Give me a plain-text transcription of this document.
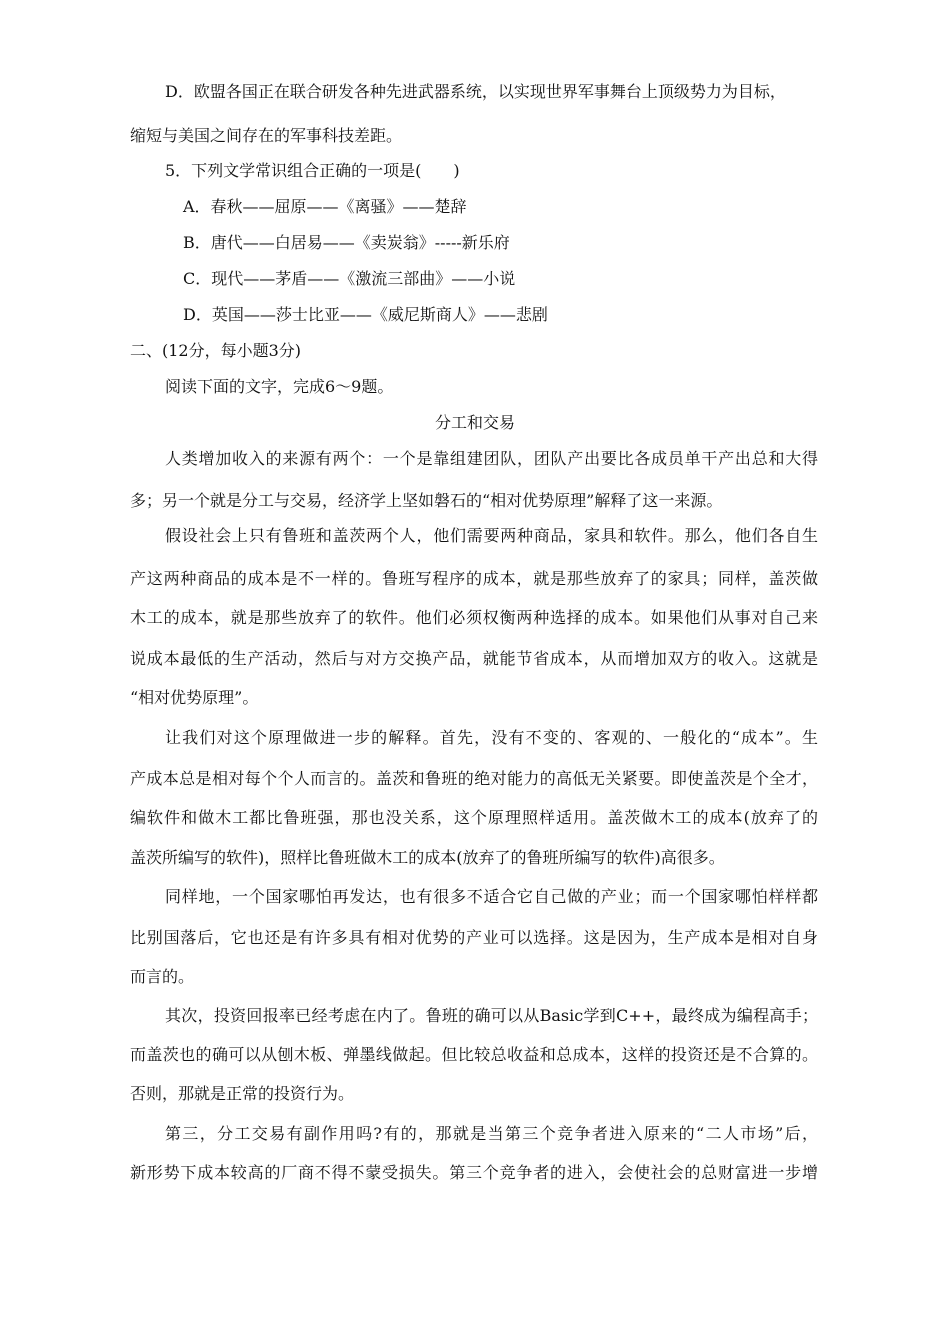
D．欧盟各国正在联合研发各种先进武器系统，以实现世界军事舞台上顶级势力为目标，
缩短与美国之间存在的军事科技差距。
5．下列文学常识组合正确的一项是(　　)
A．春秋——屈原——《离骚》——楚辞
B．唐代——白居易——《卖炭翁》-----新乐府
C．现代——茅盾——《激流三部曲》——小说
D．英国——莎士比亚——《威尼斯商人》——悲剧
二、(12分，每小题3分)
阅读下面的文字，完成6～9题。
分工和交易
人类增加收入的来源有两个：一个是靠组建团队，团队产出要比各成员单干产出总和大得
多；另一个就是分工与交易，经济学上坚如磐石的“相对优势原理”解释了这一来源。
假设社会上只有鲁班和盖茨两个人，他们需要两种商品，家具和软件。那么，他们各自生
产这两种商品的成本是不一样的。鲁班写程序的成本，就是那些放弃了的家具；同样，盖茨做
木工的成本，就是那些放弃了的软件。他们必须权衡两种选择的成本。如果他们从事对自己来
说成本最低的生产活动，然后与对方交换产品，就能节省成本，从而增加双方的收入。这就是
“相对优势原理”。
让我们对这个原理做进一步的解释。首先，没有不变的、客观的、一般化的“成本”。生
产成本总是相对每个个人而言的。盖茨和鲁班的绝对能力的高低无关紧要。即使盖茨是个全才，
编软件和做木工都比鲁班强，那也没关系，这个原理照样适用。盖茨做木工的成本(放弃了的
盖茨所编写的软件)，照样比鲁班做木工的成本(放弃了的鲁班所编写的软件)高很多。
同样地，一个国家哪怕再发达，也有很多不适合它自己做的产业；而一个国家哪怕样样都
比别国落后，它也还是有许多具有相对优势的产业可以选择。这是因为，生产成本是相对自身
而言的。
其次，投资回报率已经考虑在内了。鲁班的确可以从Basic学到C++，最终成为编程高手；
而盖茨也的确可以从刨木板、弹墨线做起。但比较总收益和总成本，这样的投资还是不合算的。
否则，那就是正常的投资行为。
第三，分工交易有副作用吗?有的，那就是当第三个竞争者进入原来的“二人市场”后，
新形势下成本较高的厂商不得不蒙受损失。第三个竞争者的进入，会使社会的总财富进一步增
